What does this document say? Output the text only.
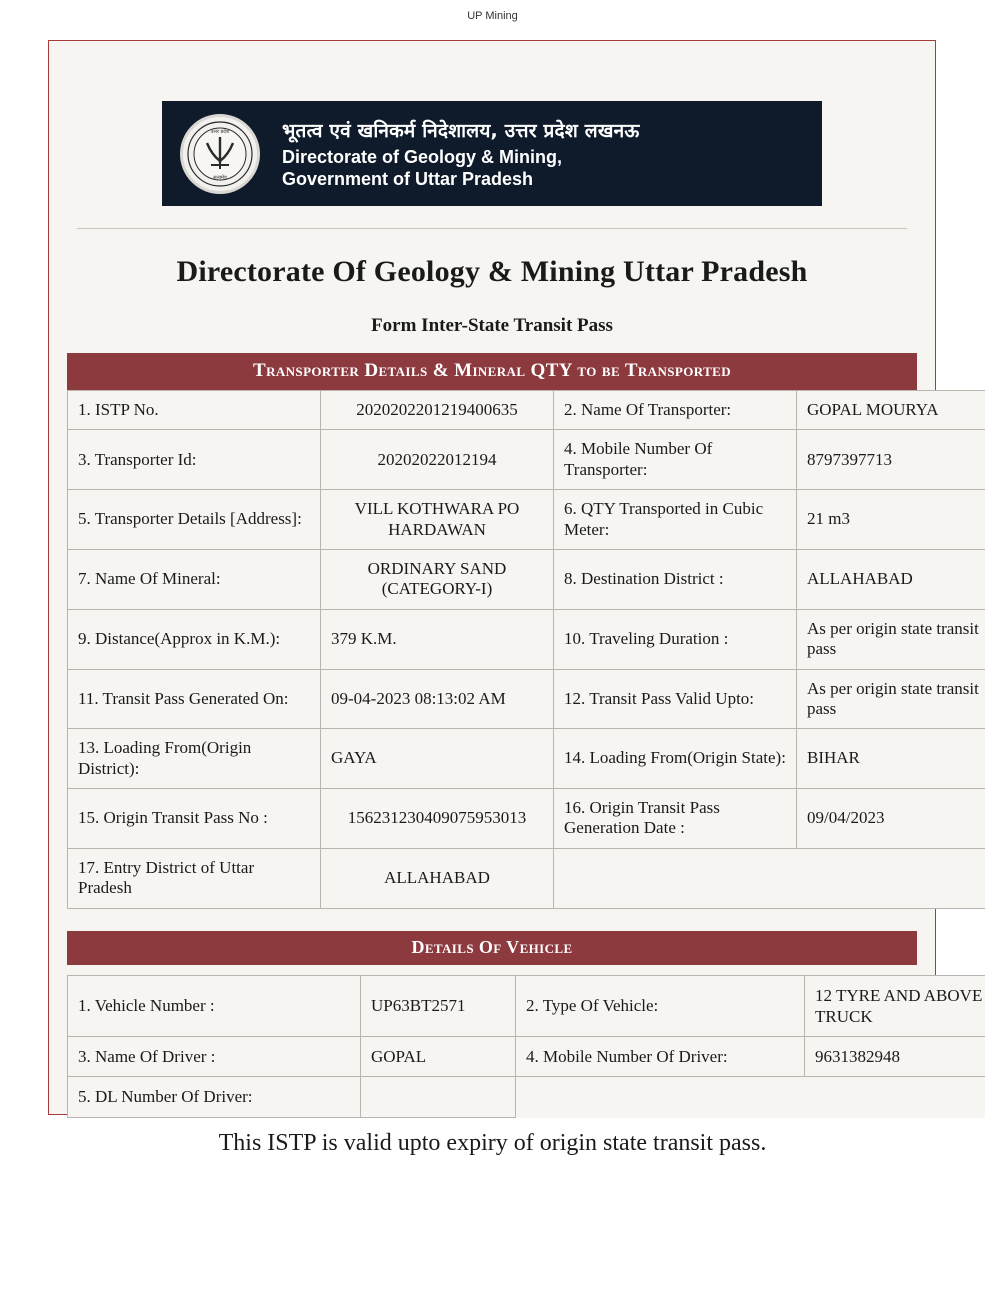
UP Mining
उत्तर प्रदेश
सत्यमेव
भूतत्व एवं खनिकर्म निदेशालय, उत्तर प्रदेश लखनऊ
Directorate of Geology & Mining,
Government of Uttar Pradesh
Directorate Of Geology & Mining Uttar Pradesh
Form Inter-State Transit Pass
Transporter Details & Mineral QTY to be Transported
1. ISTP No.	2020202201219400635	2. Name Of Transporter:	GOPAL MOURYA
3. Transporter Id:	20202022012194	4. Mobile Number Of Transporter:	8797397713
5. Transporter Details [Address]:	VILL KOTHWARA PO HARDAWAN	6. QTY Transported in Cubic Meter:	21 m3
7. Name Of Mineral:	ORDINARY SAND (CATEGORY-I)	8. Destination District :	ALLAHABAD
9. Distance(Approx in K.M.):	379 K.M.	10. Traveling Duration :	As per origin state transit pass
11. Transit Pass Generated On:	09-04-2023 08:13:02 AM	12. Transit Pass Valid Upto:	As per origin state transit pass
13. Loading From(Origin District):	GAYA	14. Loading From(Origin State):	BIHAR
15. Origin Transit Pass No :	156231230409075953013	16. Origin Transit Pass Generation Date :	09/04/2023
17. Entry District of Uttar Pradesh	ALLAHABAD		
Details Of Vehicle
1. Vehicle Number :	UP63BT2571	2. Type Of Vehicle:	12 TYRE AND ABOVE TRUCK
3. Name Of Driver :	GOPAL	4. Mobile Number Of Driver:	9631382948
5. DL Number Of Driver:			
This ISTP is valid upto expiry of origin state transit pass.
